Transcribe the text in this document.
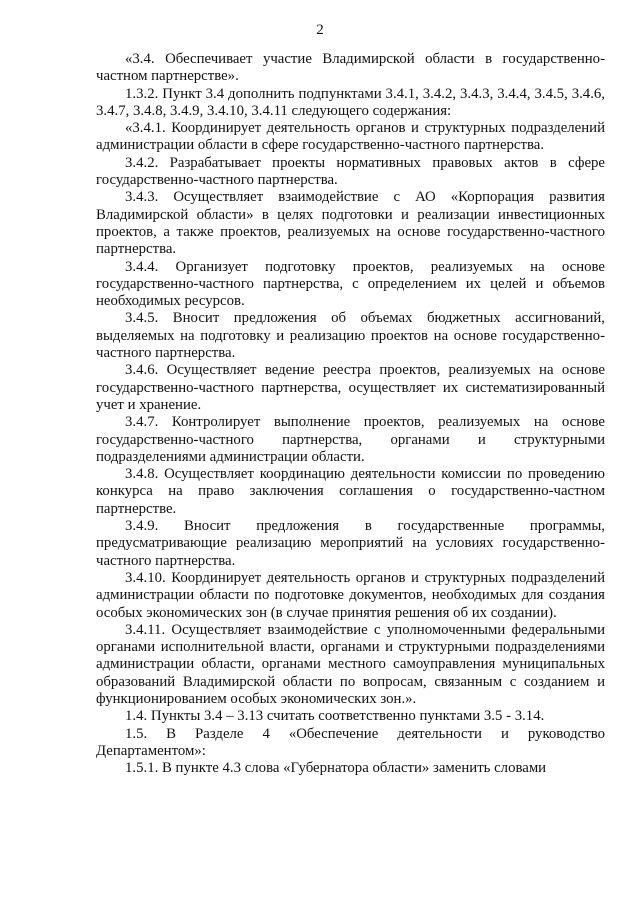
2

«3.4. Обеспечивает участие Владимирской области в государственно-частном партнерстве».

1.3.2. Пункт 3.4 дополнить подпунктами 3.4.1, 3.4.2, 3.4.3, 3.4.4, 3.4.5, 3.4.6, 3.4.7, 3.4.8, 3.4.9, 3.4.10, 3.4.11 следующего содержания:

«3.4.1. Координирует деятельность органов и структурных подразделений администрации области в сфере государственно-частного партнерства.

3.4.2. Разрабатывает проекты нормативных правовых актов в сфере государственно-частного партнерства.

3.4.3. Осуществляет взаимодействие с АО «Корпорация развития Владимирской области» в целях подготовки и реализации инвестиционных проектов, а также проектов, реализуемых на основе государственно-частного партнерства.

3.4.4. Организует подготовку проектов, реализуемых на основе государственно-частного партнерства, с определением их целей и объемов необходимых ресурсов.

3.4.5. Вносит предложения об объемах бюджетных ассигнований, выделяемых на подготовку и реализацию проектов на основе государственно-частного партнерства.

3.4.6. Осуществляет ведение реестра проектов, реализуемых на основе государственно-частного партнерства, осуществляет их систематизированный учет и хранение.

3.4.7. Контролирует выполнение проектов, реализуемых на основе государственно-частного партнерства, органами и структурными подразделениями администрации области.

3.4.8. Осуществляет координацию деятельности комиссии по проведению конкурса на право заключения соглашения о государственно-частном партнерстве.

3.4.9. Вносит предложения в государственные программы, предусматривающие реализацию мероприятий на условиях государственно-частного партнерства.

3.4.10. Координирует деятельность органов и структурных подразделений администрации области по подготовке документов, необходимых для создания особых экономических зон (в случае принятия решения об их создании).

3.4.11. Осуществляет взаимодействие с уполномоченными федеральными органами исполнительной власти, органами и структурными подразделениями администрации области, органами местного самоуправления муниципальных образований Владимирской области по вопросам, связанным с созданием и функционированием особых экономических зон.».

1.4. Пункты 3.4 – 3.13 считать соответственно пунктами 3.5 - 3.14.

1.5. В Разделе 4 «Обеспечение деятельности и руководство Департаментом»:

1.5.1. В пункте 4.3 слова «Губернатора области» заменить словами
